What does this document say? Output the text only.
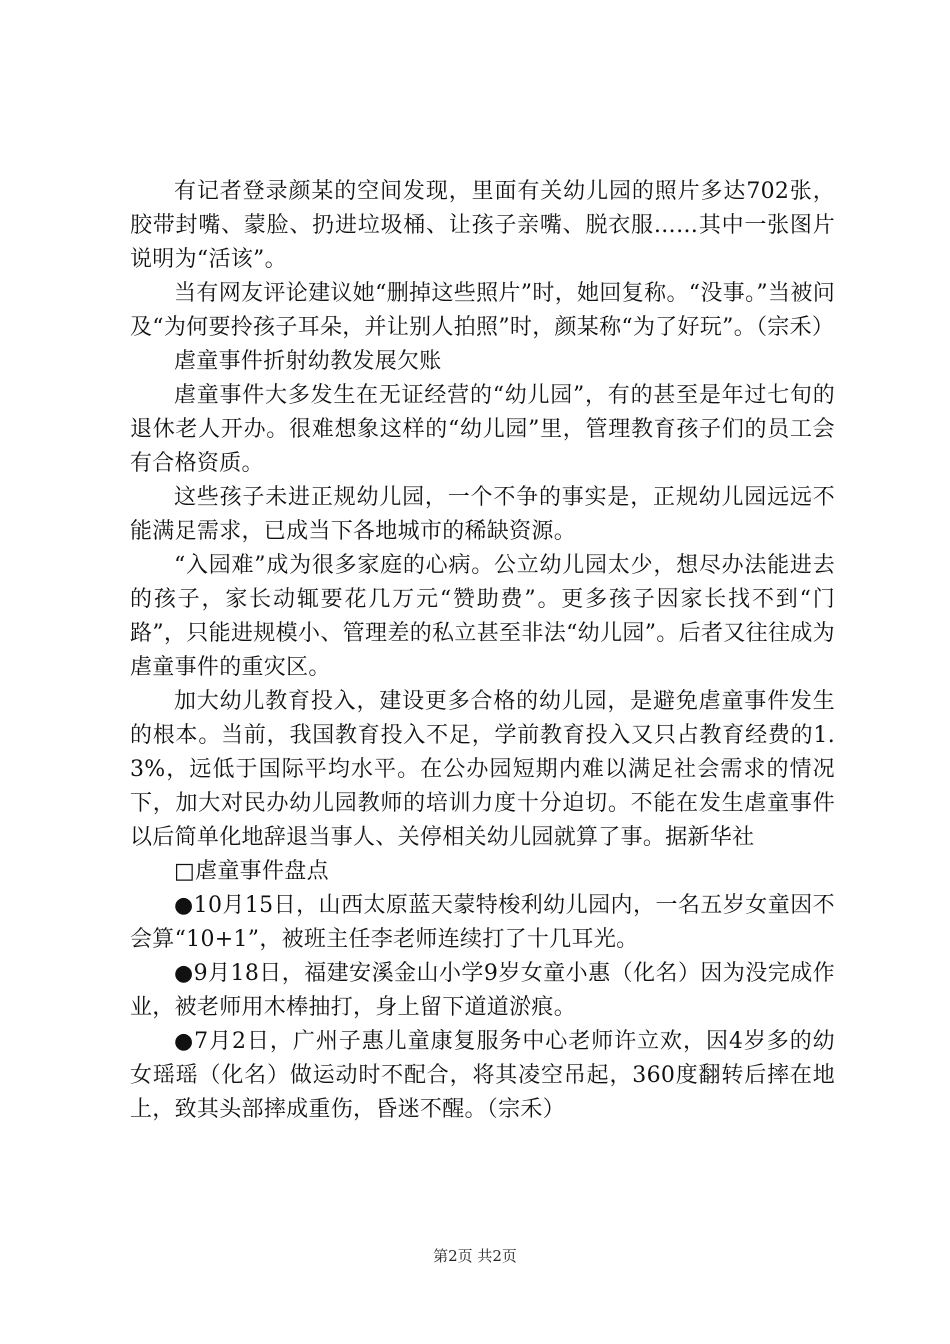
有记者登录颜某的空间发现，里面有关幼儿园的照片多达702张，胶带封嘴、蒙脸、扔进垃圾桶、让孩子亲嘴、脱衣服……其中一张图片说明为“活该”。

当有网友评论建议她“删掉这些照片”时，她回复称。“没事。”当被问及“为何要拎孩子耳朵，并让别人拍照”时，颜某称“为了好玩”。（宗禾）

虐童事件折射幼教发展欠账

虐童事件大多发生在无证经营的“幼儿园”，有的甚至是年过七旬的退休老人开办。很难想象这样的“幼儿园”里，管理教育孩子们的员工会有合格资质。

这些孩子未进正规幼儿园，一个不争的事实是，正规幼儿园远远不能满足需求，已成当下各地城市的稀缺资源。

“入园难”成为很多家庭的心病。公立幼儿园太少，想尽办法能进去的孩子，家长动辄要花几万元“赞助费”。更多孩子因家长找不到“门路”，只能进规模小、管理差的私立甚至非法“幼儿园”。后者又往往成为虐童事件的重灾区。

加大幼儿教育投入，建设更多合格的幼儿园，是避免虐童事件发生的根本。当前，我国教育投入不足，学前教育投入又只占教育经费的1.3%，远低于国际平均水平。在公办园短期内难以满足社会需求的情况下，加大对民办幼儿园教师的培训力度十分迫切。不能在发生虐童事件以后简单化地辞退当事人、关停相关幼儿园就算了事。据新华社

□虐童事件盘点

●10月15日，山西太原蓝天蒙特梭利幼儿园内，一名五岁女童因不会算“10+1”，被班主任李老师连续打了十几耳光。

●9月18日，福建安溪金山小学9岁女童小惠（化名）因为没完成作业，被老师用木棒抽打，身上留下道道淤痕。

●7月2日，广州子惠儿童康复服务中心老师许立欢，因4岁多的幼女瑶瑶（化名）做运动时不配合，将其凌空吊起，360度翻转后摔在地上，致其头部摔成重伤，昏迷不醒。（宗禾）

第2页 共2页
